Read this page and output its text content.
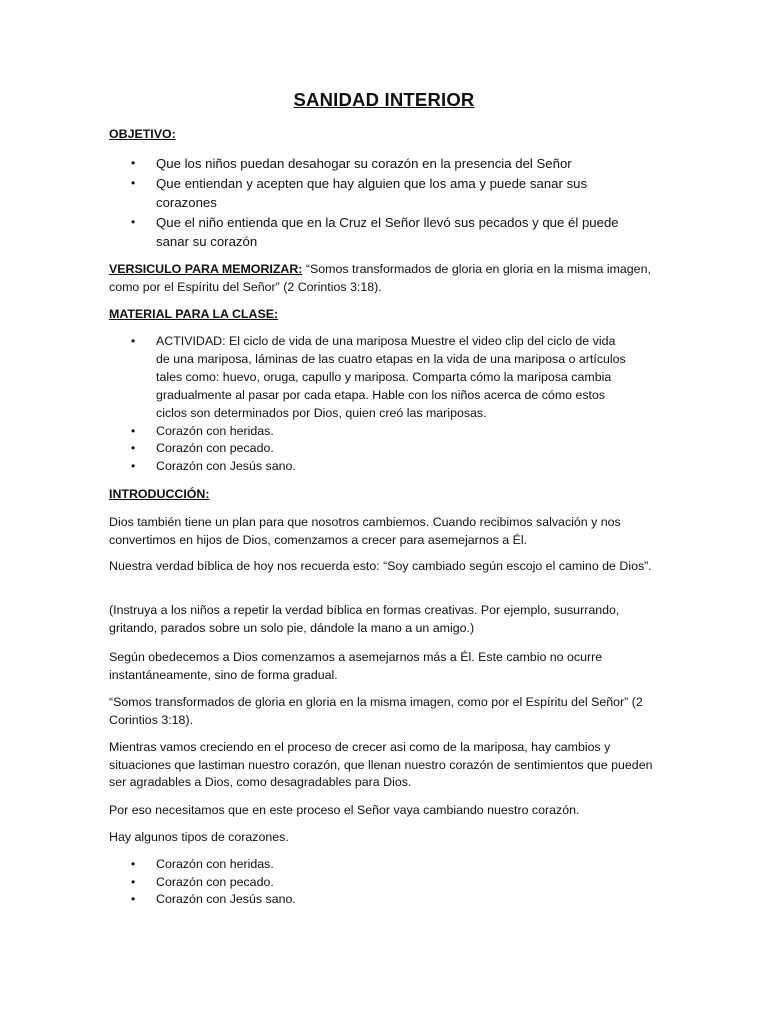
SANIDAD INTERIOR
OBJETIVO:
• Que los niños puedan desahogar su corazón en la presencia del Señor
• Que entiendan y acepten que hay alguien que los ama y puede sanar sus corazones
• Que el niño entienda que en la Cruz el Señor llevó sus pecados y que él puede sanar su corazón

VERSICULO PARA MEMORIZAR: “Somos transformados de gloria en gloria en la misma imagen, como por el Espíritu del Señor” (2 Corintios 3:18).

MATERIAL PARA LA CLASE:
• ACTIVIDAD: El ciclo de vida de una mariposa Muestre el video clip del ciclo de vida de una mariposa, láminas de las cuatro etapas en la vida de una mariposa o artículos tales como: huevo, oruga, capullo y mariposa. Comparta cómo la mariposa cambia gradualmente al pasar por cada etapa. Hable con los niños acerca de cómo estos ciclos son determinados por Dios, quien creó las mariposas.
• Corazón con heridas.
• Corazón con pecado.
• Corazón con Jesús sano.
INTRODUCCIÓN:

Dios también tiene un plan para que nosotros cambiemos. Cuando recibimos salvación y nos convertimos en hijos de Dios, comenzamos a crecer para asemejarnos a Él.

Nuestra verdad bíblica de hoy nos recuerda esto: “Soy cambiado según escojo el camino de Dios”.

(Instruya a los niños a repetir la verdad bíblica en formas creativas. Por ejemplo, susurrando, gritando, parados sobre un solo pie, dándole la mano a un amigo.)

Según obedecemos a Dios comenzamos a asemejarnos más a Él. Este cambio no ocurre instantáneamente, sino de forma gradual.

“Somos transformados de gloria en gloria en la misma imagen, como por el Espíritu del Señor” (2 Corintios 3:18).

Mientras vamos creciendo en el proceso de crecer asi como de la mariposa, hay cambios y situaciones que lastiman nuestro corazón, que llenan nuestro corazón de sentimientos que pueden ser agradables a Dios, como desagradables para Dios.

Por eso necesitamos que en este proceso el Señor vaya cambiando nuestro corazón.

Hay algunos tipos de corazones.

• Corazón con heridas.
• Corazón con pecado.
• Corazón con Jesús sano.
